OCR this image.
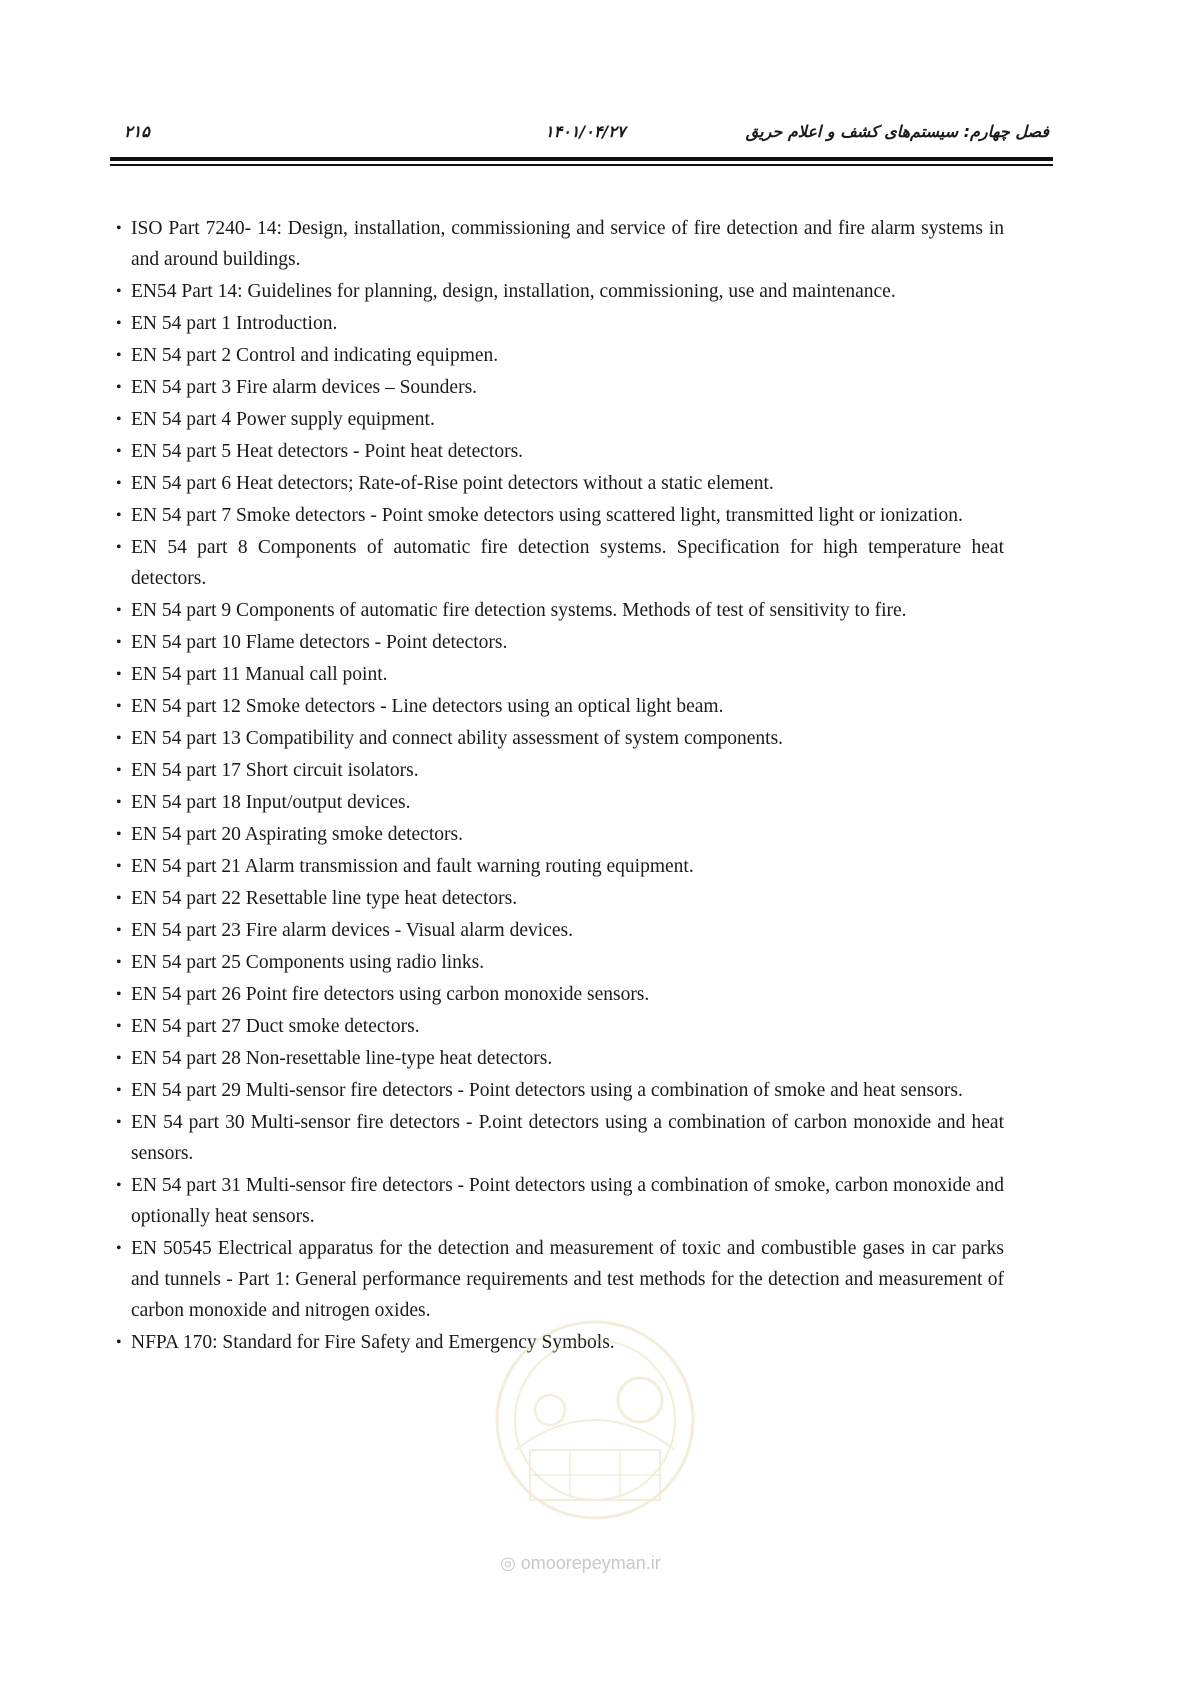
۲۱۵	۱۴۰۱/۰۴/۲۷	فصل چهارم: سیستم‌های کشف و اعلام حریق
• ISO Part 7240- 14: Design, installation, commissioning and service of fire detection and fire alarm systems in and around buildings.
• EN54 Part 14: Guidelines for planning, design, installation, commissioning, use and maintenance.
• EN 54 part 1 Introduction.
• EN 54 part 2 Control and indicating equipmen.
• EN 54 part 3 Fire alarm devices – Sounders.
• EN 54 part 4 Power supply equipment.
• EN 54 part 5 Heat detectors - Point heat detectors.
• EN 54 part 6 Heat detectors; Rate-of-Rise point detectors without a static element.
• EN 54 part 7 Smoke detectors - Point smoke detectors using scattered light, transmitted light or ionization.
• EN 54 part 8 Components of automatic fire detection systems. Specification for high temperature heat detectors.
• EN 54 part 9 Components of automatic fire detection systems. Methods of test of sensitivity to fire.
• EN 54 part 10 Flame detectors - Point detectors.
• EN 54 part 11 Manual call point.
• EN 54 part 12 Smoke detectors - Line detectors using an optical light beam.
• EN 54 part 13 Compatibility and connect ability assessment of system components.
• EN 54 part 17 Short circuit isolators.
• EN 54 part 18 Input/output devices.
• EN 54 part 20 Aspirating smoke detectors.
• EN 54 part 21 Alarm transmission and fault warning routing equipment.
• EN 54 part 22 Resettable line type heat detectors.
• EN 54 part 23 Fire alarm devices - Visual alarm devices.
• EN 54 part 25 Components using radio links.
• EN 54 part 26 Point fire detectors using carbon monoxide sensors.
• EN 54 part 27 Duct smoke detectors.
• EN 54 part 28 Non-resettable line-type heat detectors.
• EN 54 part 29 Multi-sensor fire detectors - Point detectors using a combination of smoke and heat sensors.
• EN 54 part 30 Multi-sensor fire detectors - P.oint detectors using a combination of carbon monoxide and heat sensors.
• EN 54 part 31 Multi-sensor fire detectors - Point detectors using a combination of smoke, carbon monoxide and optionally heat sensors.
• EN 50545 Electrical apparatus for the detection and measurement of toxic and combustible gases in car parks and tunnels - Part 1: General performance requirements and test methods for the detection and measurement of carbon monoxide and nitrogen oxides.
• NFPA 170: Standard for Fire Safety and Emergency Symbols.
◎ omoorepeyman.ir
